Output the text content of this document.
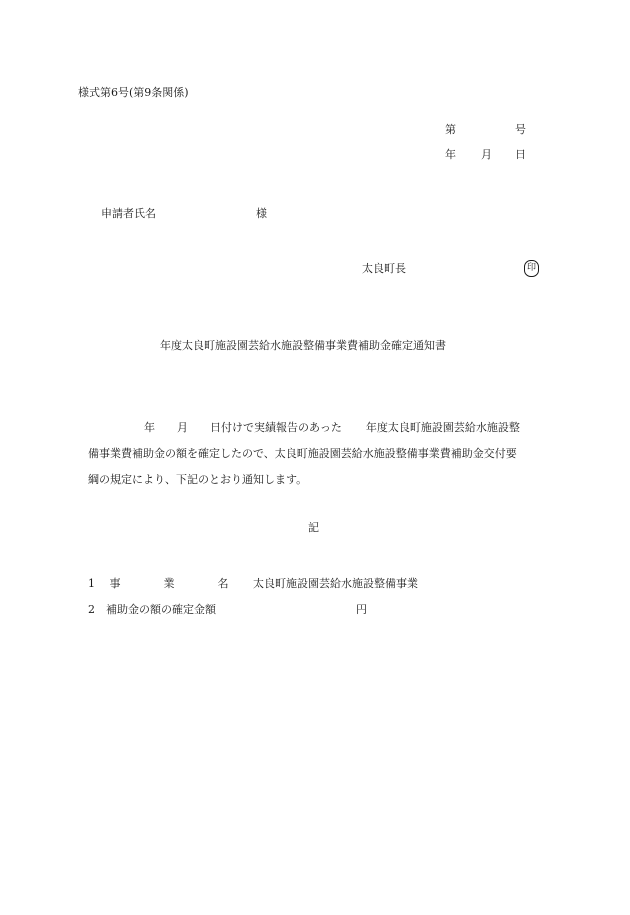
様式第6号(第9条関係)
第	号
年 月 日
申請者氏名	様
太良町長	印
年度太良町施設園芸給水施設整備事業費補助金確定通知書
年 月 日付けで実績報告のあった 年度太良町施設園芸給水施設整
備事業費補助金の額を確定したので、太良町施設園芸給水施設整備事業費補助金交付要
綱の規定により、下記のとおり通知します。
記
1 事	業	名 太良町施設園芸給水施設整備事業
2 補助金の額の確定金額	円
